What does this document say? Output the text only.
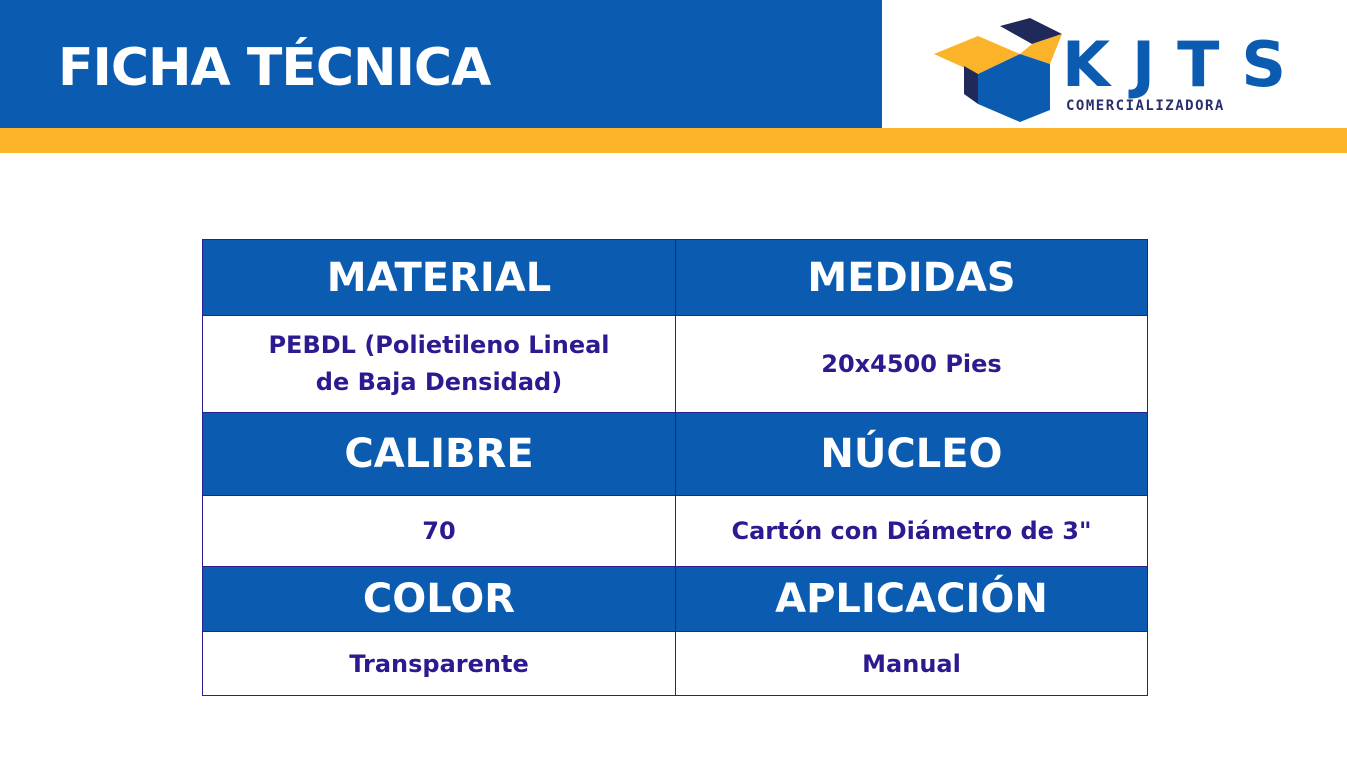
FICHA TÉCNICA	KJTS
COMERCIALIZADORA
MATERIAL	MEDIDAS

PEBDL (Polietileno Lineal
de Baja Densidad)	20x4500 Pies
CALIBRE	NÚCLEO
70	Cartón con Diámetro de 3"
COLOR	APLICACIÓN
Transparente	Manual
